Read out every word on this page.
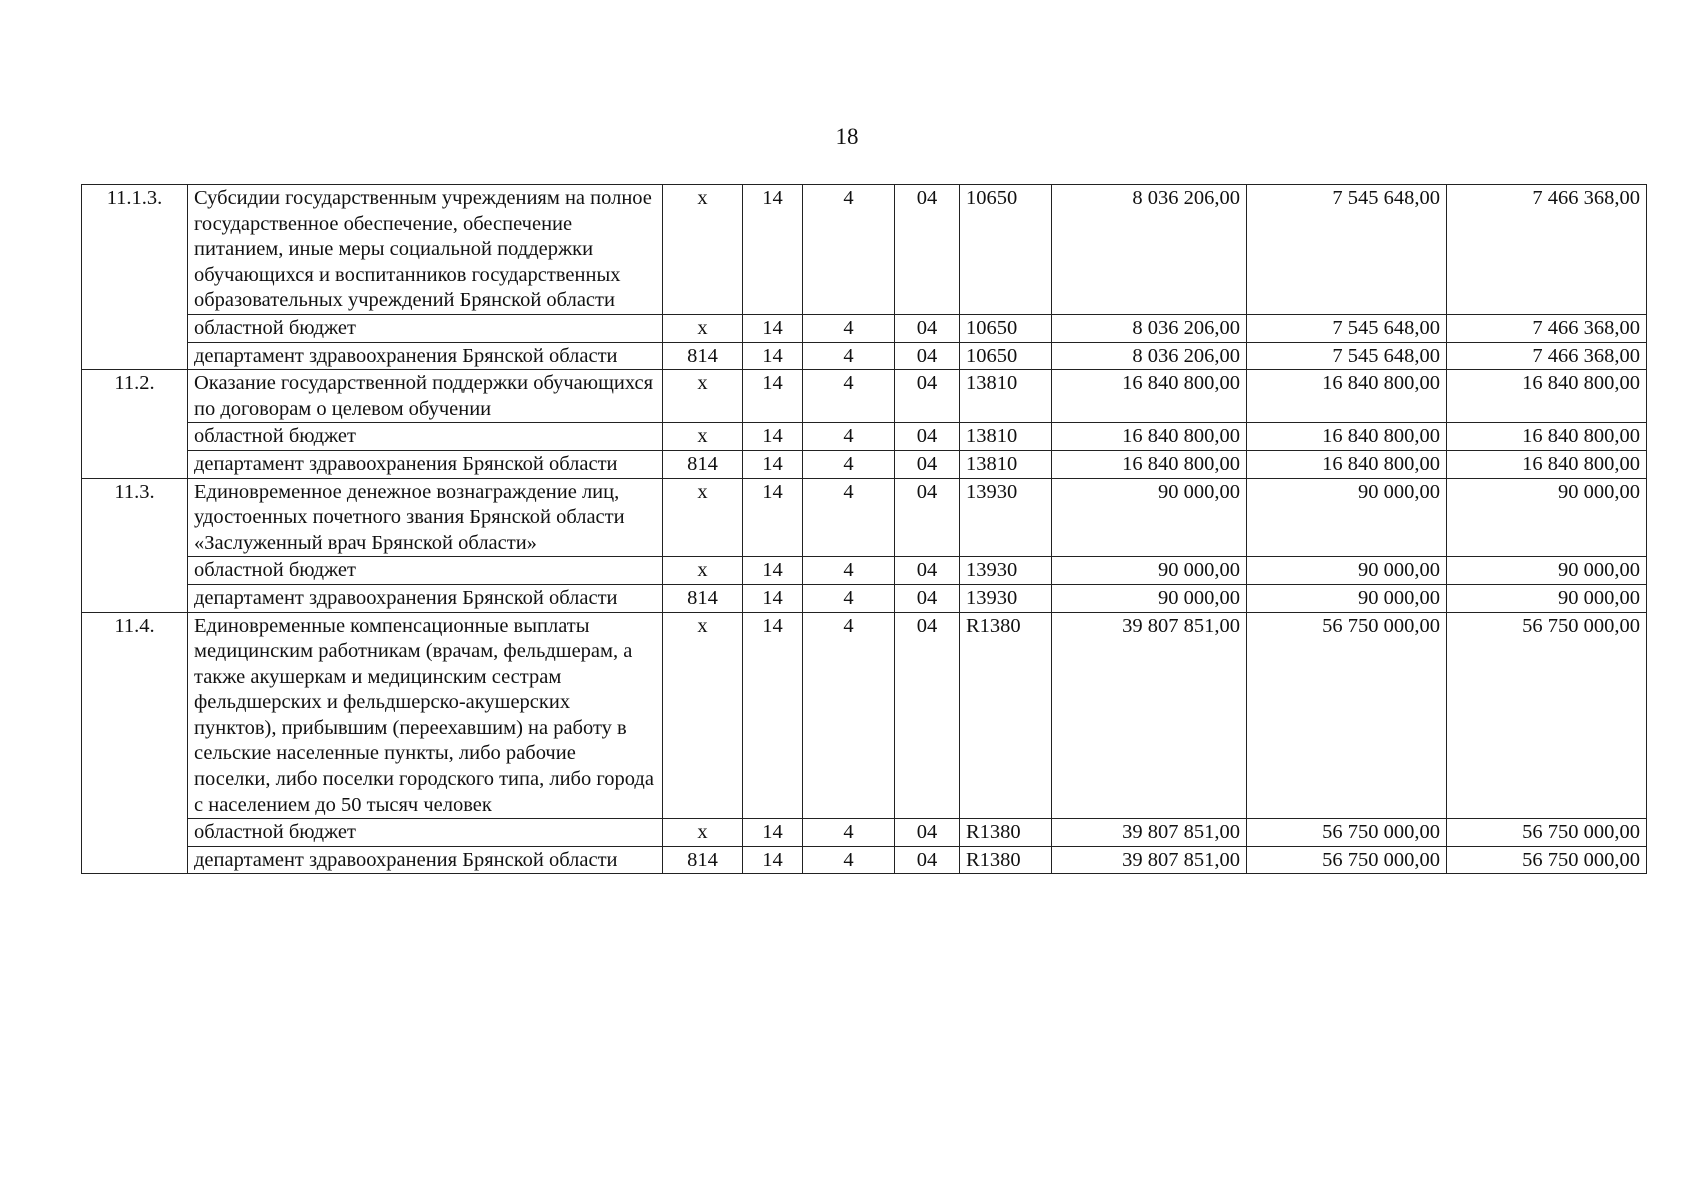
18
11.1.3.	Субсидии государственным учреждениям на полное государственное обеспечение, обеспечение питанием, иные меры социальной поддержки обучающихся и воспитанников государственных образовательных учреждений Брянской области	х	14	4	04	10650	8 036 206,00	7 545 648,00	7 466 368,00
	областной бюджет	х	14	4	04	10650	8 036 206,00	7 545 648,00	7 466 368,00
	департамент здравоохранения Брянской области	814	14	4	04	10650	8 036 206,00	7 545 648,00	7 466 368,00
11.2.	Оказание государственной поддержки обучающихся по договорам о целевом обучении	х	14	4	04	13810	16 840 800,00	16 840 800,00	16 840 800,00
	областной бюджет	х	14	4	04	13810	16 840 800,00	16 840 800,00	16 840 800,00
	департамент здравоохранения Брянской области	814	14	4	04	13810	16 840 800,00	16 840 800,00	16 840 800,00
11.3.	Единовременное денежное вознаграждение лиц, удостоенных почетного звания Брянской области «Заслуженный врач Брянской области»	х	14	4	04	13930	90 000,00	90 000,00	90 000,00
	областной бюджет	х	14	4	04	13930	90 000,00	90 000,00	90 000,00
	департамент здравоохранения Брянской области	814	14	4	04	13930	90 000,00	90 000,00	90 000,00
11.4.	Единовременные компенсационные выплаты медицинским работникам (врачам, фельдшерам, а также акушеркам и медицинским сестрам фельдшерских и фельдшерско-акушерских пунктов), прибывшим (переехавшим) на работу в сельские населенные пункты, либо рабочие поселки, либо поселки городского типа, либо города с населением до 50 тысяч человек	х	14	4	04	R1380	39 807 851,00	56 750 000,00	56 750 000,00
	областной бюджет	х	14	4	04	R1380	39 807 851,00	56 750 000,00	56 750 000,00
	департамент здравоохранения Брянской области	814	14	4	04	R1380	39 807 851,00	56 750 000,00	56 750 000,00
